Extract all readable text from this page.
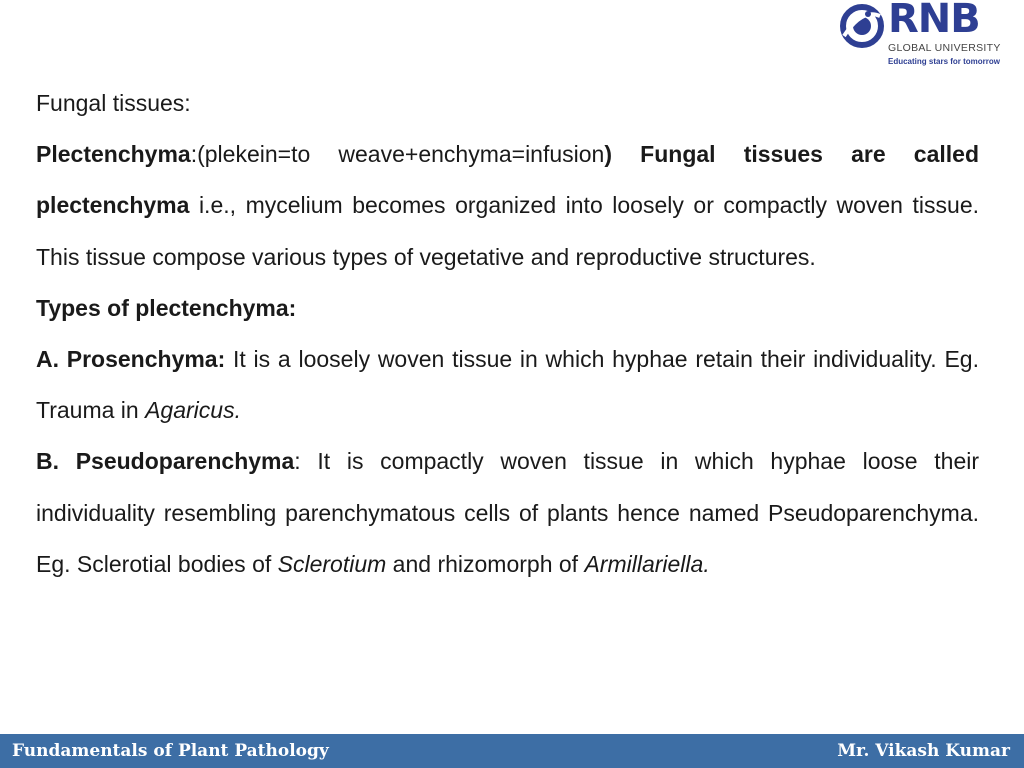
RNB
GLOBAL UNIVERSITY
Educating stars for tomorrow

Fungal tissues:

Plectenchyma:(plekein=to weave+enchyma=infusion) Fungal tissues are called plectenchyma i.e., mycelium becomes organized into loosely or compactly woven tissue. This tissue compose various types of vegetative and reproductive structures.

Types of plectenchyma:

A. Prosenchyma: It is a loosely woven tissue in which hyphae retain their individuality. Eg. Trauma in Agaricus.

B. Pseudoparenchyma: It is compactly woven tissue in which hyphae loose their individuality resembling parenchymatous cells of plants hence named Pseudoparenchyma. Eg. Sclerotial bodies of Sclerotium and rhizomorph of Armillariella.

Fundamentals of Plant Pathology	Mr. Vikash Kumar
